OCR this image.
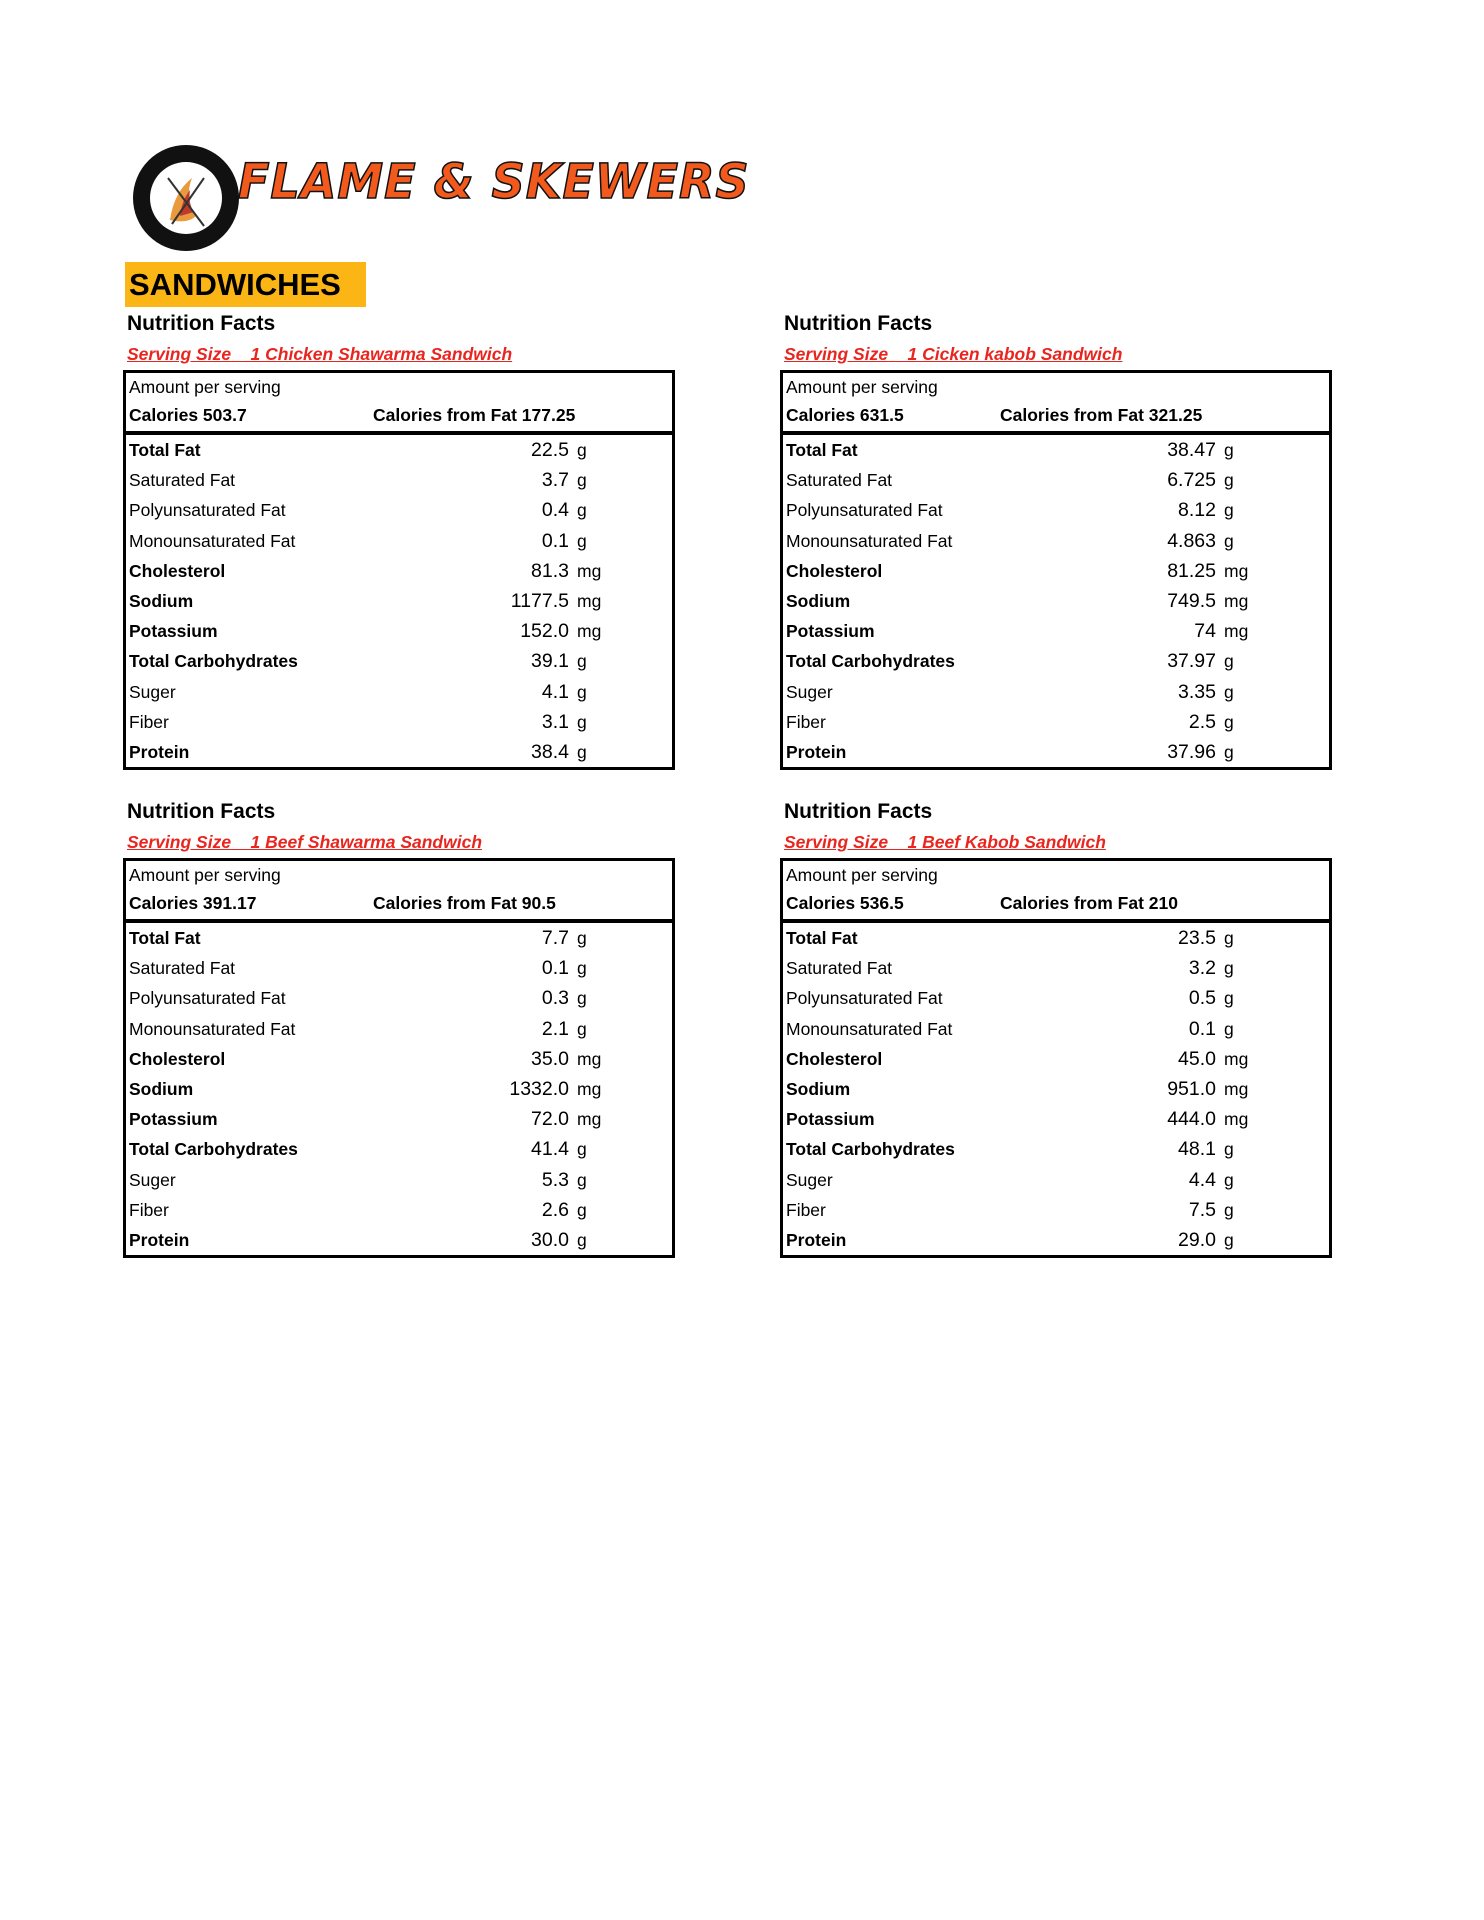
FLAME & SKEWERS
SANDWICHES
Nutrition Facts
Serving Size 1 Chicken Shawarma Sandwich
Amount per serving
Calories 503.7	Calories from Fat 177.25
Total Fat	22.5 g
Saturated Fat	3.7 g
Polyunsaturated Fat	0.4 g
Monounsaturated Fat	0.1 g
Cholesterol	81.3 mg
Sodium	1177.5 mg
Potassium	152.0 mg
Total Carbohydrates	39.1 g
Suger	4.1 g
Fiber	3.1 g
Protein	38.4 g
Nutrition Facts
Serving Size 1 Cicken kabob Sandwich
Amount per serving
Calories 631.5	Calories from Fat 321.25
Total Fat	38.47 g
Saturated Fat	6.725 g
Polyunsaturated Fat	8.12 g
Monounsaturated Fat	4.863 g
Cholesterol	81.25 mg
Sodium	749.5 mg
Potassium	74 mg
Total Carbohydrates	37.97 g
Suger	3.35 g
Fiber	2.5 g
Protein	37.96 g
Nutrition Facts
Serving Size 1 Beef Shawarma Sandwich
Amount per serving
Calories 391.17	Calories from Fat 90.5
Total Fat	7.7 g
Saturated Fat	0.1 g
Polyunsaturated Fat	0.3 g
Monounsaturated Fat	2.1 g
Cholesterol	35.0 mg
Sodium	1332.0 mg
Potassium	72.0 mg
Total Carbohydrates	41.4 g
Suger	5.3 g
Fiber	2.6 g
Protein	30.0 g
Nutrition Facts
Serving Size 1 Beef Kabob Sandwich
Amount per serving
Calories 536.5	Calories from Fat 210
Total Fat	23.5 g
Saturated Fat	3.2 g
Polyunsaturated Fat	0.5 g
Monounsaturated Fat	0.1 g
Cholesterol	45.0 mg
Sodium	951.0 mg
Potassium	444.0 mg
Total Carbohydrates	48.1 g
Suger	4.4 g
Fiber	7.5 g
Protein	29.0 g
